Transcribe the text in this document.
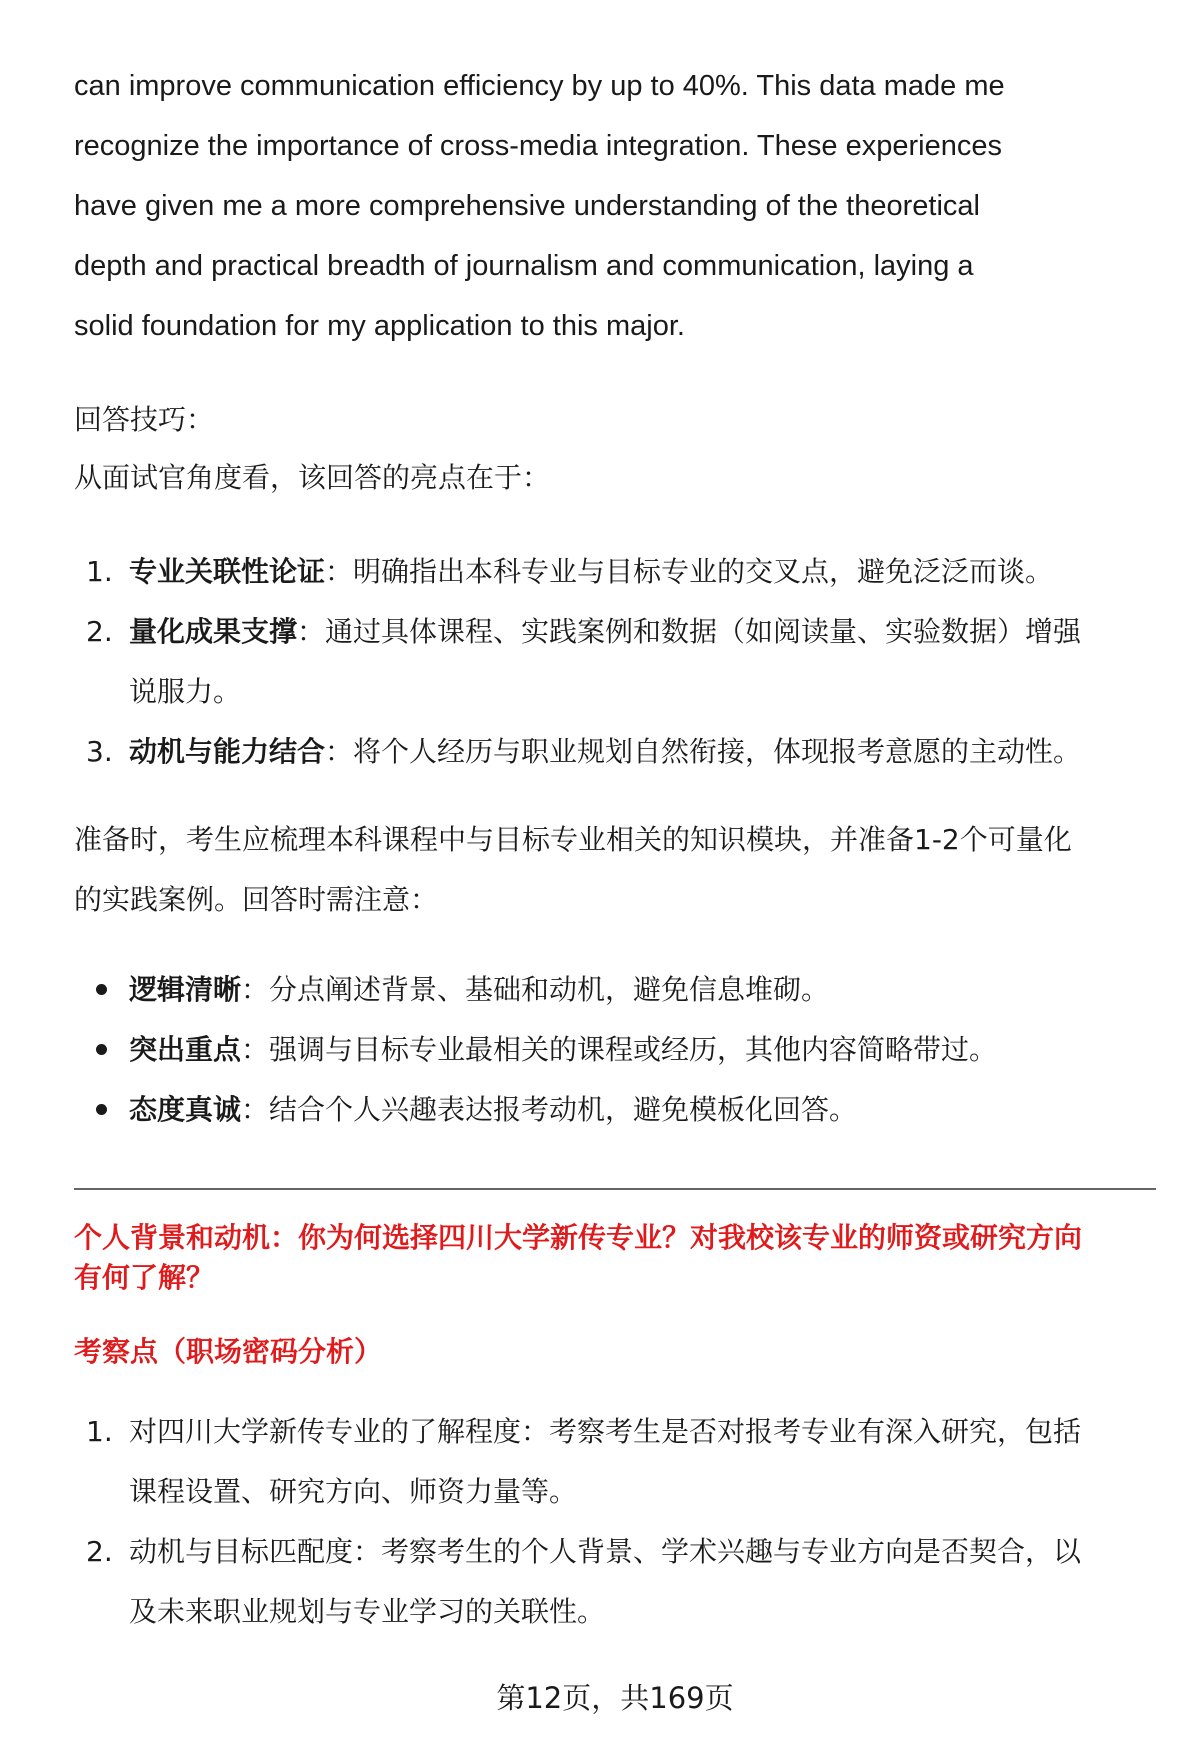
can improve communication efficiency by up to 40%. This data made me
recognize the importance of cross-media integration. These experiences
have given me a more comprehensive understanding of the theoretical
depth and practical breadth of journalism and communication, laying a
solid foundation for my application to this major.

回答技巧：

从面试官角度看，该回答的亮点在于：

1. 专业关联性论证：明确指出本科专业与目标专业的交叉点，避免泛泛而谈。
2. 量化成果支撑：通过具体课程、实践案例和数据（如阅读量、实验数据）增强
说服力。
3. 动机与能力结合：将个人经历与职业规划自然衔接，体现报考意愿的主动性。

准备时，考生应梳理本科课程中与目标专业相关的知识模块，并准备1-2个可量化
的实践案例。回答时需注意：

逻辑清晰：分点阐述背景、基础和动机，避免信息堆砌。
突出重点：强调与目标专业最相关的课程或经历，其他内容简略带过。
态度真诚：结合个人兴趣表达报考动机，避免模板化回答。
个人背景和动机：你为何选择四川大学新传专业？对我校该专业的师资或研究方向
有何了解？
考察点（职场密码分析）
1. 对四川大学新传专业的了解程度：考察考生是否对报考专业有深入研究，包括
课程设置、研究方向、师资力量等。
2. 动机与目标匹配度：考察考生的个人背景、学术兴趣与专业方向是否契合，以
及未来职业规划与专业学习的关联性。
第12页，共169页
